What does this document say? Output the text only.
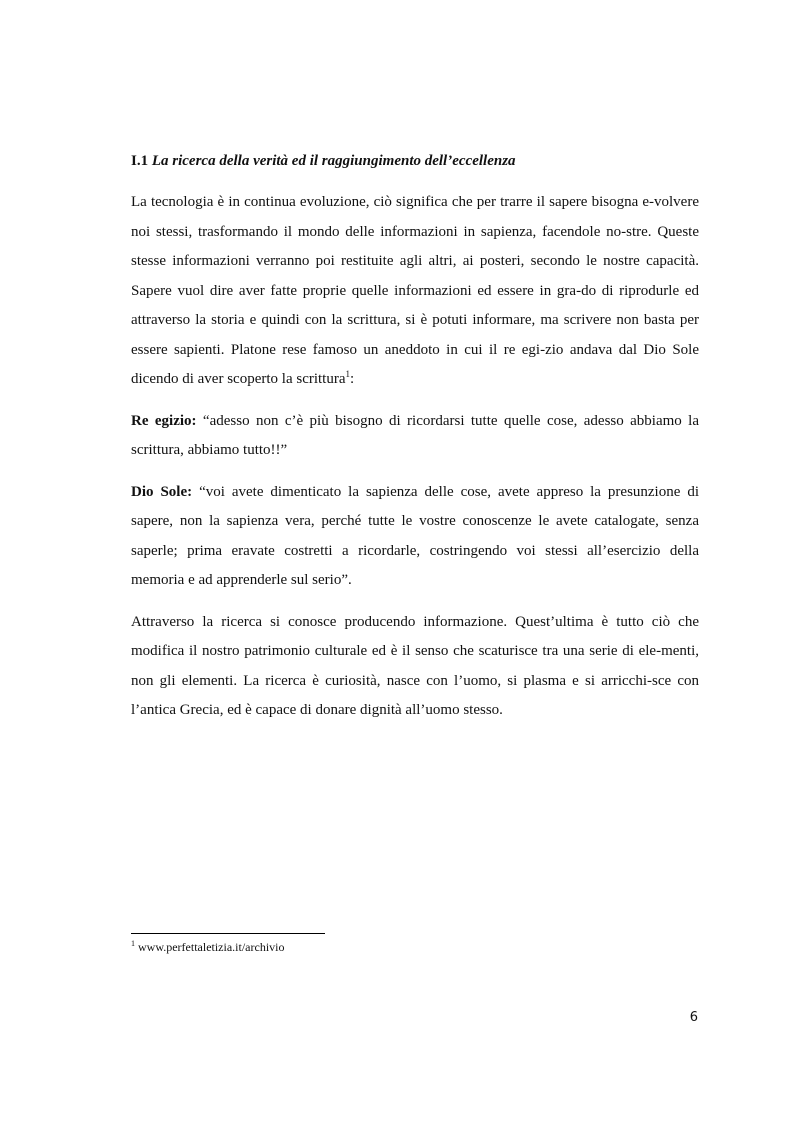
I.1 La ricerca della verità ed il raggiungimento dell’eccellenza

La tecnologia è in continua evoluzione, ciò significa che per trarre il sapere bisogna e-volvere noi stessi, trasformando il mondo delle informazioni in sapienza, facendole no-stre. Queste stesse informazioni verranno poi restituite agli altri, ai posteri, secondo le nostre capacità. Sapere vuol dire aver fatte proprie quelle informazioni ed essere in gra-do di riprodurle ed attraverso la storia e quindi con la scrittura, si è potuti informare, ma scrivere non basta per essere sapienti. Platone rese famoso un aneddoto in cui il re egi-zio andava dal Dio Sole dicendo di aver scoperto la scrittura$^1$:

Re egizio: “adesso non c’è più bisogno di ricordarsi tutte quelle cose, adesso abbiamo la scrittura, abbiamo tutto!!”

Dio Sole: “voi avete dimenticato la sapienza delle cose, avete appreso la presunzione di sapere, non la sapienza vera, perché tutte le vostre conoscenze le avete catalogate, senza saperle; prima eravate costretti a ricordarle, costringendo voi stessi all’esercizio della memoria e ad apprenderle sul serio”.

Attraverso la ricerca si conosce producendo informazione. Quest’ultima è tutto ciò che modifica il nostro patrimonio culturale ed è il senso che scaturisce tra una serie di ele-menti, non gli elementi. La ricerca è curiosità, nasce con l’uomo, si plasma e si arricchi-sce con l’antica Grecia, ed è capace di donare dignità all’uomo stesso.

$^1$ www.perfettaletizia.it/archivio
6
